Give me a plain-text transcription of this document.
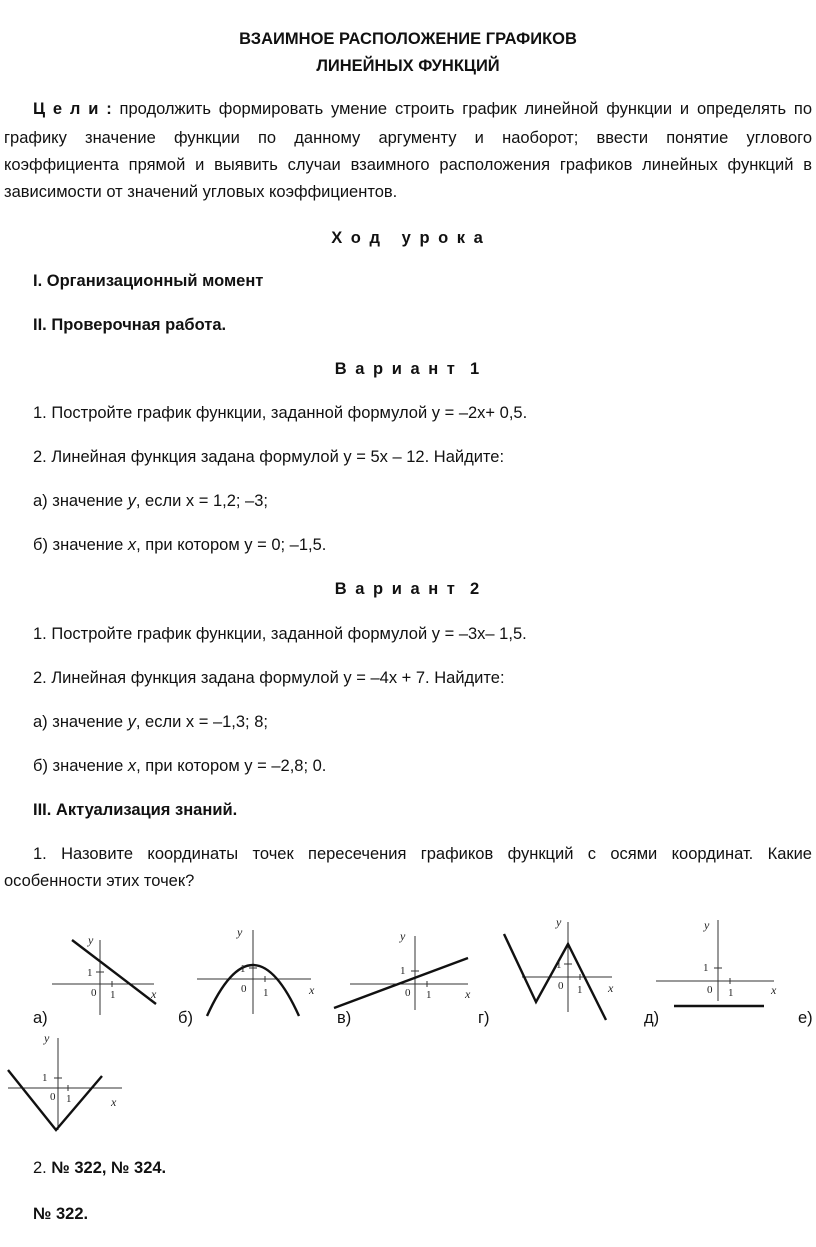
ВЗАИМНОЕ РАСПОЛОЖЕНИЕ ГРАФИКОВ
ЛИНЕЙНЫХ ФУНКЦИЙ
Ц е л и : продолжить формировать умение строить график линейной функции и определять по
графику значение функции по данному аргументу и наоборот; ввести понятие углового
коэффициента прямой и выявить случаи взаимного расположения графиков линейных функций в
зависимости от значений угловых коэффициентов.
Х о д   у р о к а
I. Организационный момент
II. Проверочная работа.
В а р и а н т  1
1. Постройте график функции, заданной формулой y = –2x+ 0,5.
2. Линейная функция задана формулой y = 5x – 12. Найдите:
а) значение y, если x = 1,2; –3;
б) значение x, при котором y = 0; –1,5.
В а р и а н т  2
1. Постройте график функции, заданной формулой y = –3x– 1,5.
2. Линейная функция задана формулой y = –4x + 7. Найдите:
а) значение y, если x = –1,3; 8;
б) значение x, при котором y = –2,8; 0.
III. Актуализация знаний.
1. Назовите координаты точек пересечения графиков функций с осями координат. Какие
особенности этих точек?
y
x
1
0 1
y
x
1
0 1
y
x
1
0 1
y
x
1
0 1
y
x
1
0 1
а)	б)	в)	г)	д)	е)
y
x
1
0 1
2. № 322, № 324.
№ 322.
